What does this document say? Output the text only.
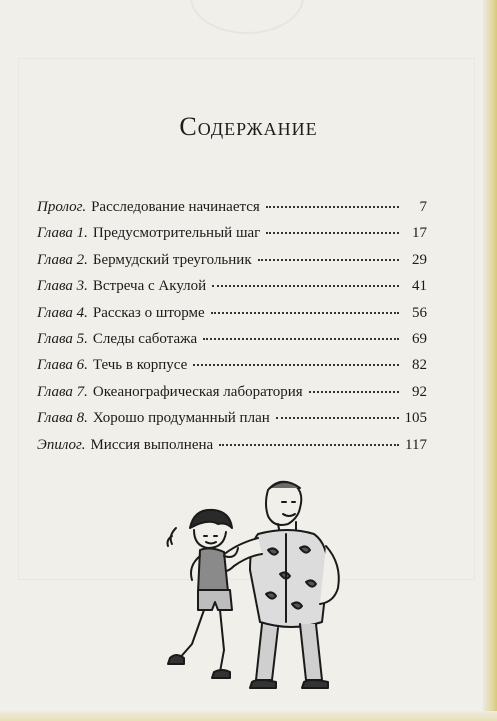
Содержание
Пролог. Расследование начинается	7
Глава 1. Предусмотрительный шаг	17
Глава 2. Бермудский треугольник	29
Глава 3. Встреча с Акулой	41
Глава 4. Рассказ о шторме	56
Глава 5. Следы саботажа	69
Глава 6. Течь в корпусе	82
Глава 7. Океанографическая лаборатория	92
Глава 8. Хорошо продуманный план	105
Эпилог. Миссия выполнена	117
